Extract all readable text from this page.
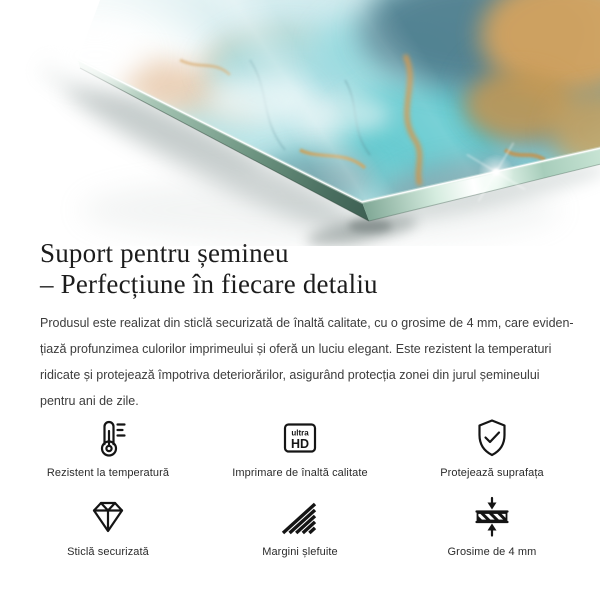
Suport pentru șemineu
– Perfecțiune în fiecare detaliu

Produsul este realizat din sticlă securizată de înaltă calitate, cu o grosime de 4 mm, care eviden-
țiază profunzimea culorilor imprimeului și oferă un luciu elegant. Este rezistent la temperaturi
ridicate și protejează împotriva deteriorărilor, asigurând protecția zonei din jurul șemineului
pentru ani de zile.

Rezistent la temperatură
ultra
HD
Imprimare de înaltă calitate	Protejează suprafața
Sticlă securizată	Margini șlefuite	Grosime de 4 mm
